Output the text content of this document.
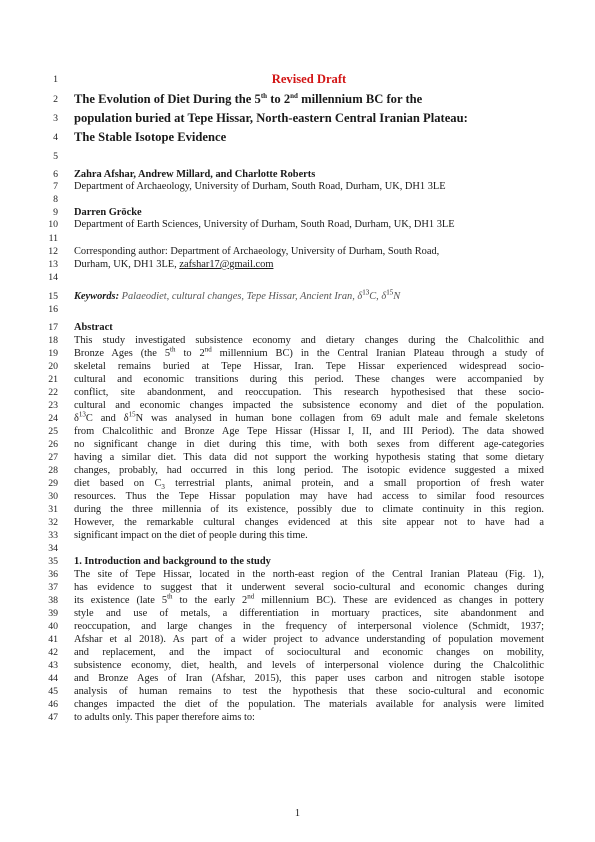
1
2
3
4
5
6
7
8
9
10
11
12
13
14
15
16
17
18
19
20
21
22
23
24
25
26
27
28
29
30
31
32
33
34
35
36
37
38
39
40
41
42
43
44
45
46
47
Revised Draft
The Evolution of Diet During the 5th to 2nd millennium BC for the
population buried at Tepe Hissar, North-eastern Central Iranian Plateau:
The Stable Isotope Evidence
Zahra Afshar, Andrew Millard, and Charlotte Roberts
Department of Archaeology, University of Durham, South Road, Durham, UK, DH1 3LE
Darren Gröcke
Department of Earth Sciences, University of Durham, South Road, Durham, UK, DH1 3LE
Corresponding author: Department of Archaeology, University of Durham, South Road,
Durham, UK, DH1 3LE, zafshar17@gmail.com
Keywords: Palaeodiet, cultural changes, Tepe Hissar, Ancient Iran, $\delta^{13}C$, $\delta^{15}N$
Abstract
This study investigated subsistence economy and dietary changes during the Chalcolithic and
Bronze Ages (the 5th to 2nd millennium BC) in the Central Iranian Plateau through a study of
skeletal remains buried at Tepe Hissar, Iran. Tepe Hissar experienced widespread socio-
cultural and economic transitions during this period. These changes were accompanied by
conflict, site abandonment, and reoccupation. This research hypothesised that these socio-
cultural and economic changes impacted the subsistence economy and diet of the population.
$\delta^{13}C$ and $\delta^{15}N$ was analysed in human bone collagen from 69 adult male and female skeletons
from Chalcolithic and Bronze Age Tepe Hissar (Hissar I, II, and III Period). The data showed
no significant change in diet during this time, with both sexes from different age-categories
having a similar diet. This data did not support the working hypothesis stating that some dietary
changes, probably, had occurred in this long period. The isotopic evidence suggested a mixed
diet based on $C_3$ terrestrial plants, animal protein, and a small proportion of fresh water
resources. Thus the Tepe Hissar population may have had access to similar food resources
during the three millennia of its existence, possibly due to climate continuity in this region.
However, the remarkable cultural changes evidenced at this site appear not to have had a
significant impact on the diet of people during this time.
1. Introduction and background to the study
The site of Tepe Hissar, located in the north-east region of the Central Iranian Plateau (Fig. 1),
has evidence to suggest that it underwent several socio-cultural and economic changes during
its existence (late 5th to the early 2nd millennium BC). These are evidenced as changes in pottery
style and use of metals, a differentiation in mortuary practices, site abandonment and
reoccupation, and large changes in the frequency of interpersonal violence (Schmidt, 1937;
Afshar et al 2018). As part of a wider project to advance understanding of population movement
and replacement, and the impact of sociocultural and economic changes on mobility,
subsistence economy, diet, health, and levels of interpersonal violence during the Chalcolithic
and Bronze Ages of Iran (Afshar, 2015), this paper uses carbon and nitrogen stable isotope
analysis of human remains to test the hypothesis that these socio-cultural and economic
changes impacted the diet of the population. The materials available for analysis were limited
to adults only. This paper therefore aims to:
1
